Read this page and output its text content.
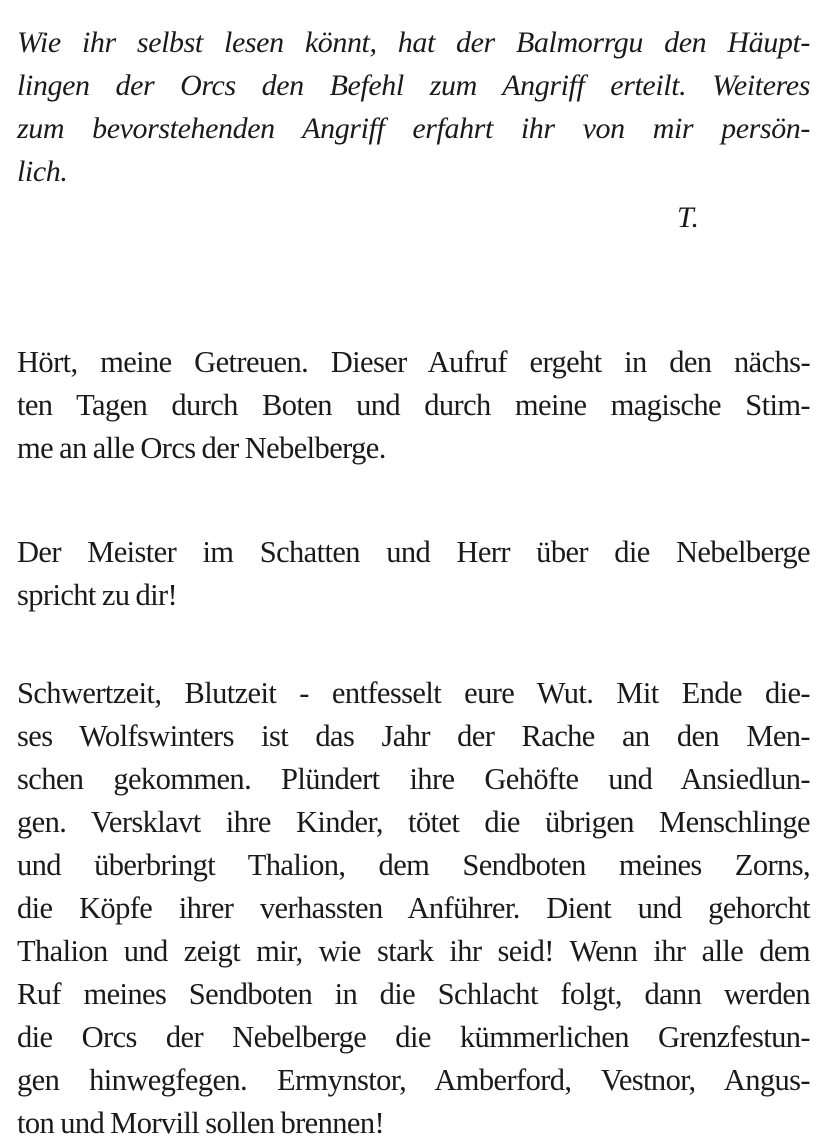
Wie ihr selbst lesen könnt, hat der Balmorrgu den Häupt-
lingen der Orcs den Befehl zum Angriff erteilt. Weiteres
zum bevorstehenden Angriff erfahrt ihr von mir persön-
lich.
T.
Hört, meine Getreuen. Dieser Aufruf ergeht in den nächs-
ten Tagen durch Boten und durch meine magische Stim-
me an alle Orcs der Nebelberge.
Der Meister im Schatten und Herr über die Nebelberge
spricht zu dir!
Schwertzeit, Blutzeit - entfesselt eure Wut. Mit Ende die-
ses Wolfswinters ist das Jahr der Rache an den Men-
schen gekommen. Plündert ihre Gehöfte und Ansiedlun-
gen. Versklavt ihre Kinder, tötet die übrigen Menschlinge
und überbringt Thalion, dem Sendboten meines Zorns,
die Köpfe ihrer verhassten Anführer. Dient und gehorcht
Thalion und zeigt mir, wie stark ihr seid! Wenn ihr alle dem
Ruf meines Sendboten in die Schlacht folgt, dann werden
die Orcs der Nebelberge die kümmerlichen Grenzfestun-
gen hinwegfegen. Ermynstor, Amberford, Vestnor, Angus-
ton und Morvill sollen brennen!
